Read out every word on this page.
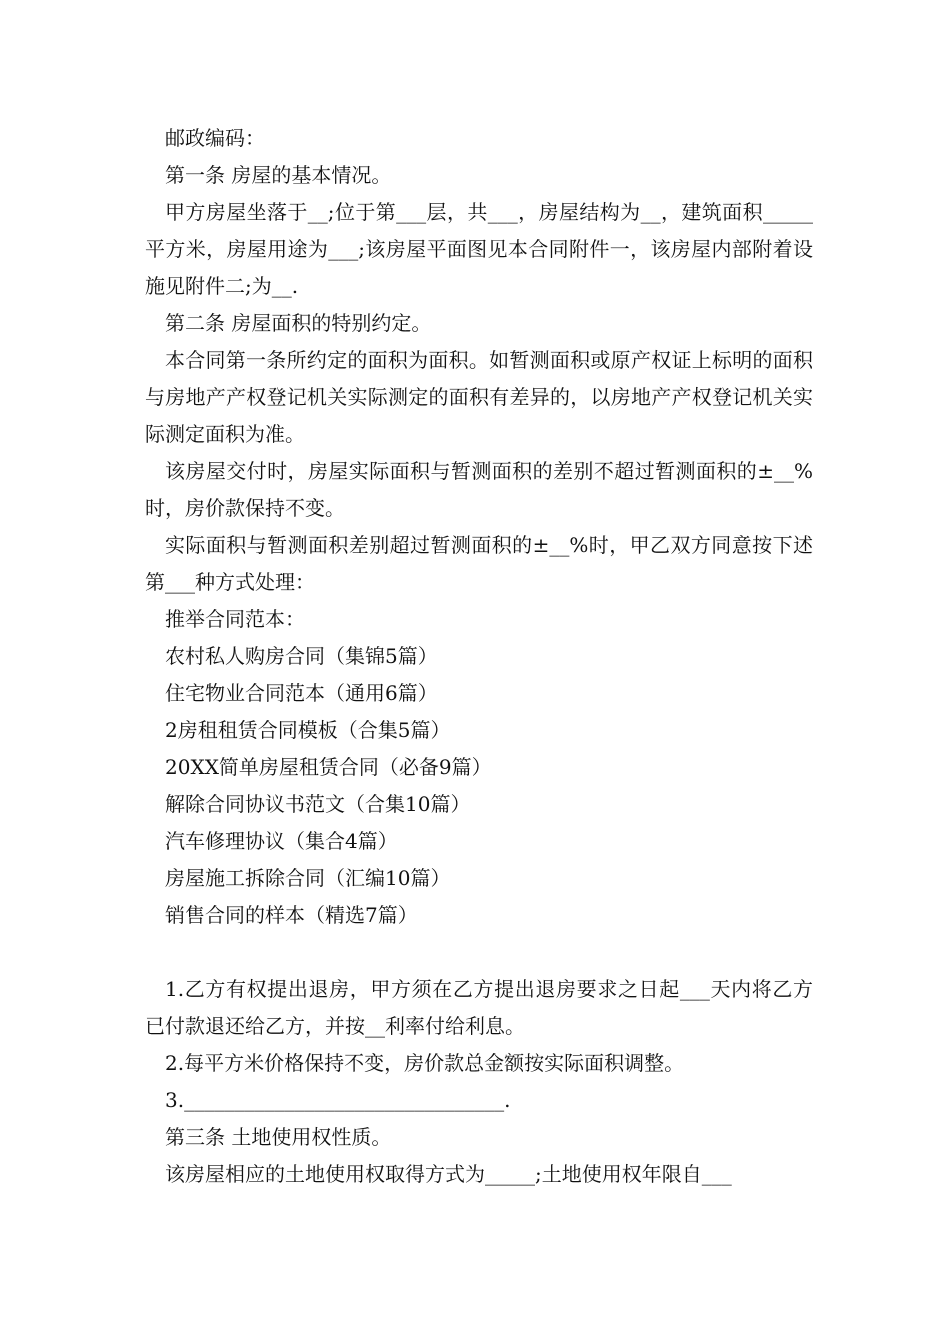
邮政编码：

第一条 房屋的基本情况。

甲方房屋坐落于__;位于第___层，共___，房屋结构为__，建筑面积_____平方米，房屋用途为___;该房屋平面图见本合同附件一，该房屋内部附着设施见附件二;为__.

第二条 房屋面积的特别约定。

本合同第一条所约定的面积为面积。如暂测面积或原产权证上标明的面积与房地产产权登记机关实际测定的面积有差异的，以房地产产权登记机关实际测定面积为准。

该房屋交付时，房屋实际面积与暂测面积的差别不超过暂测面积的±__%时，房价款保持不变。

实际面积与暂测面积差别超过暂测面积的±__%时，甲乙双方同意按下述第___种方式处理：

推举合同范本：

农村私人购房合同（集锦5篇）

住宅物业合同范本（通用6篇）

2房租租赁合同模板（合集5篇）

20XX简单房屋租赁合同（必备9篇）

解除合同协议书范文（合集10篇）

汽车修理协议（集合4篇）

房屋施工拆除合同（汇编10篇）

销售合同的样本（精选7篇）

1.乙方有权提出退房，甲方须在乙方提出退房要求之日起___天内将乙方已付款退还给乙方，并按__利率付给利息。

2.每平方米价格保持不变，房价款总金额按实际面积调整。

3.________________________________.

第三条 土地使用权性质。

该房屋相应的土地使用权取得方式为_____;土地使用权年限自___
